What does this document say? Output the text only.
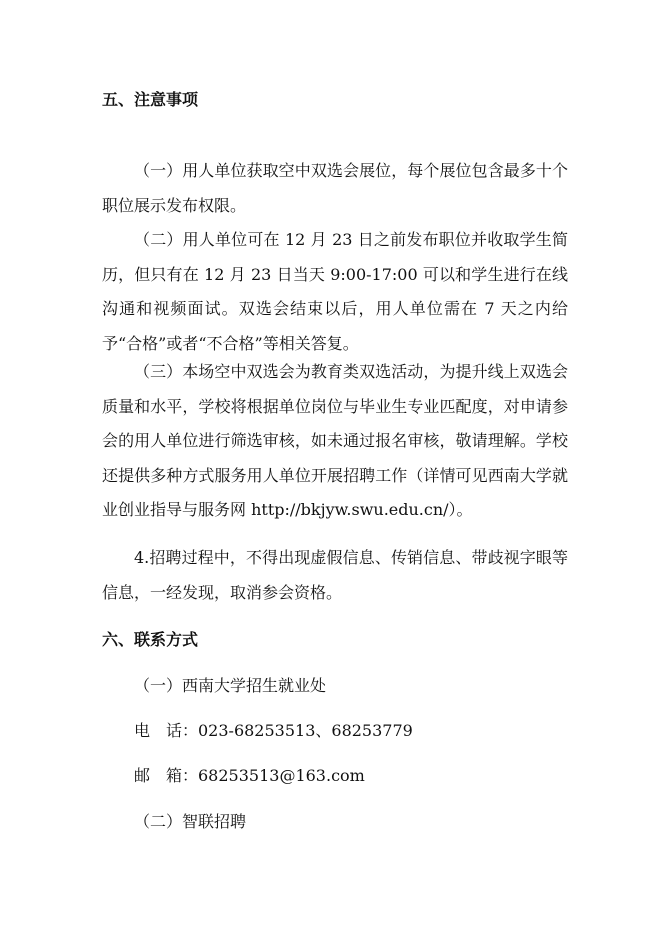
五、注意事项

（一）用人单位获取空中双选会展位，每个展位包含最多十个职位展示发布权限。

（二）用人单位可在 12 月 23 日之前发布职位并收取学生简历，但只有在 12 月 23 日当天 9:00-17:00 可以和学生进行在线沟通和视频面试。双选会结束以后，用人单位需在 7 天之内给予“合格”或者“不合格”等相关答复。

（三）本场空中双选会为教育类双选活动，为提升线上双选会质量和水平，学校将根据单位岗位与毕业生专业匹配度，对申请参会的用人单位进行筛选审核，如未通过报名审核，敬请理解。学校还提供多种方式服务用人单位开展招聘工作（详情可见西南大学就业创业指导与服务网 http://bkjyw.swu.edu.cn/）。

4.招聘过程中，不得出现虚假信息、传销信息、带歧视字眼等信息，一经发现，取消参会资格。

六、联系方式

（一）西南大学招生就业处

电　话：023-68253513、68253779

邮　箱：68253513@163.com

（二）智联招聘
